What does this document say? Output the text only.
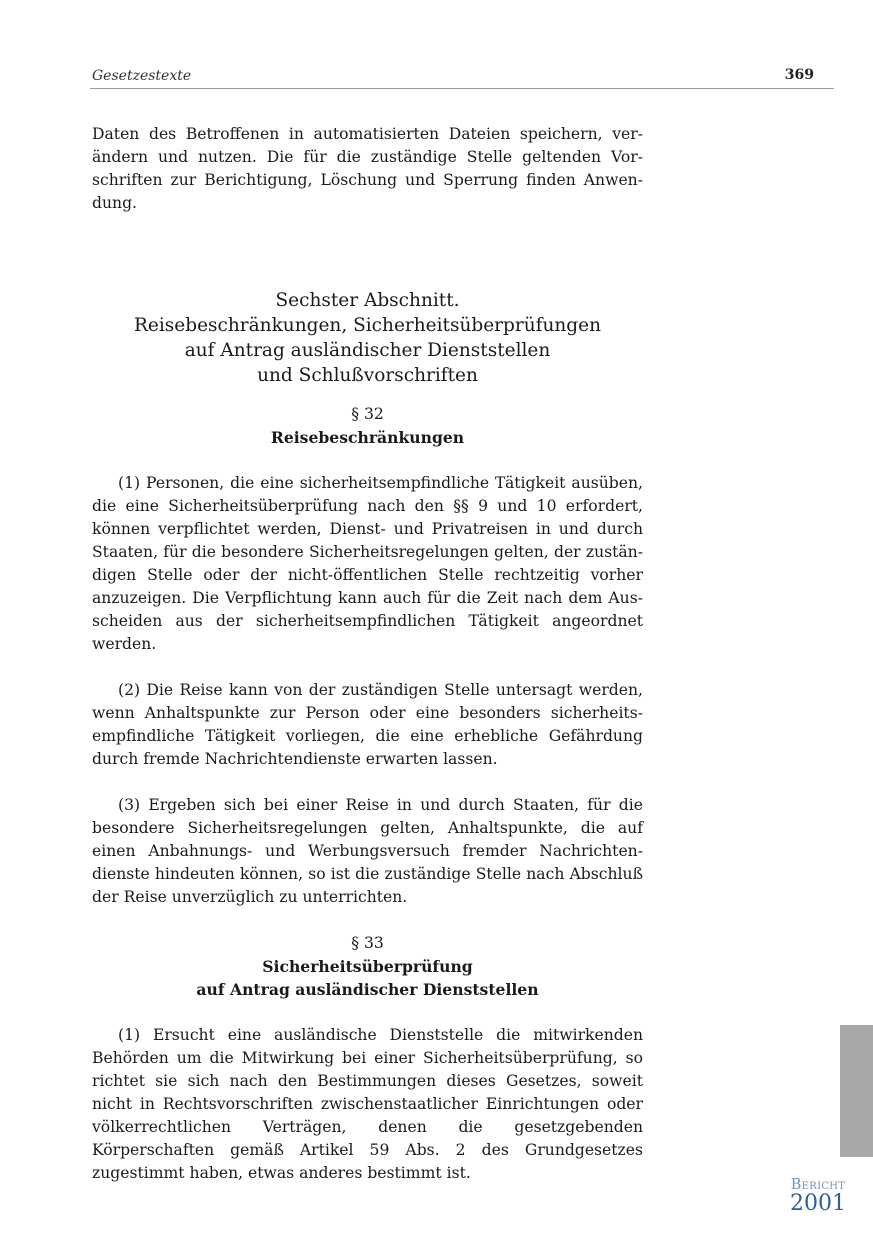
Gesetzestexte	369

Daten des Betroffenen in automatisierten Dateien speichern, verändern und nutzen. Die für die zuständige Stelle geltenden Vorschriften zur Berichtigung, Löschung und Sperrung finden Anwendung.

Sechster Abschnitt.
Reisebeschränkungen, Sicherheitsüberprüfungen
auf Antrag ausländischer Dienststellen
und Schlußvorschriften

§ 32

Reisebeschränkungen

(1) Personen, die eine sicherheitsempfindliche Tätigkeit ausüben, die eine Sicherheitsüberprüfung nach den §§ 9 und 10 erfordert, können verpflichtet werden, Dienst- und Privatreisen in und durch Staaten, für die besondere Sicherheitsregelungen gelten, der zuständigen Stelle oder der nicht-öffentlichen Stelle rechtzeitig vorher anzuzeigen. Die Verpflichtung kann auch für die Zeit nach dem Ausscheiden aus der sicherheitsempfindlichen Tätigkeit angeordnet werden.

(2) Die Reise kann von der zuständigen Stelle untersagt werden, wenn Anhaltspunkte zur Person oder eine besonders sicherheitsempfindliche Tätigkeit vorliegen, die eine erhebliche Gefährdung durch fremde Nachrichtendienste erwarten lassen.

(3) Ergeben sich bei einer Reise in und durch Staaten, für die besondere Sicherheitsregelungen gelten, Anhaltspunkte, die auf einen Anbahnungs- und Werbungsversuch fremder Nachrichtendienste hindeuten können, so ist die zuständige Stelle nach Abschluß der Reise unverzüglich zu unterrichten.

§ 33

Sicherheitsüberprüfung

auf Antrag ausländischer Dienststellen

(1) Ersucht eine ausländische Dienststelle die mitwirkenden Behörden um die Mitwirkung bei einer Sicherheitsüberprüfung, so richtet sie sich nach den Bestimmungen dieses Gesetzes, soweit nicht in Rechtsvorschriften zwischenstaatlicher Einrichtungen oder völkerrechtlichen Verträgen, denen die gesetzgebenden Körperschaften gemäß Artikel 59 Abs. 2 des Grundgesetzes zugestimmt haben, etwas anderes bestimmt ist.

Bericht
2001
